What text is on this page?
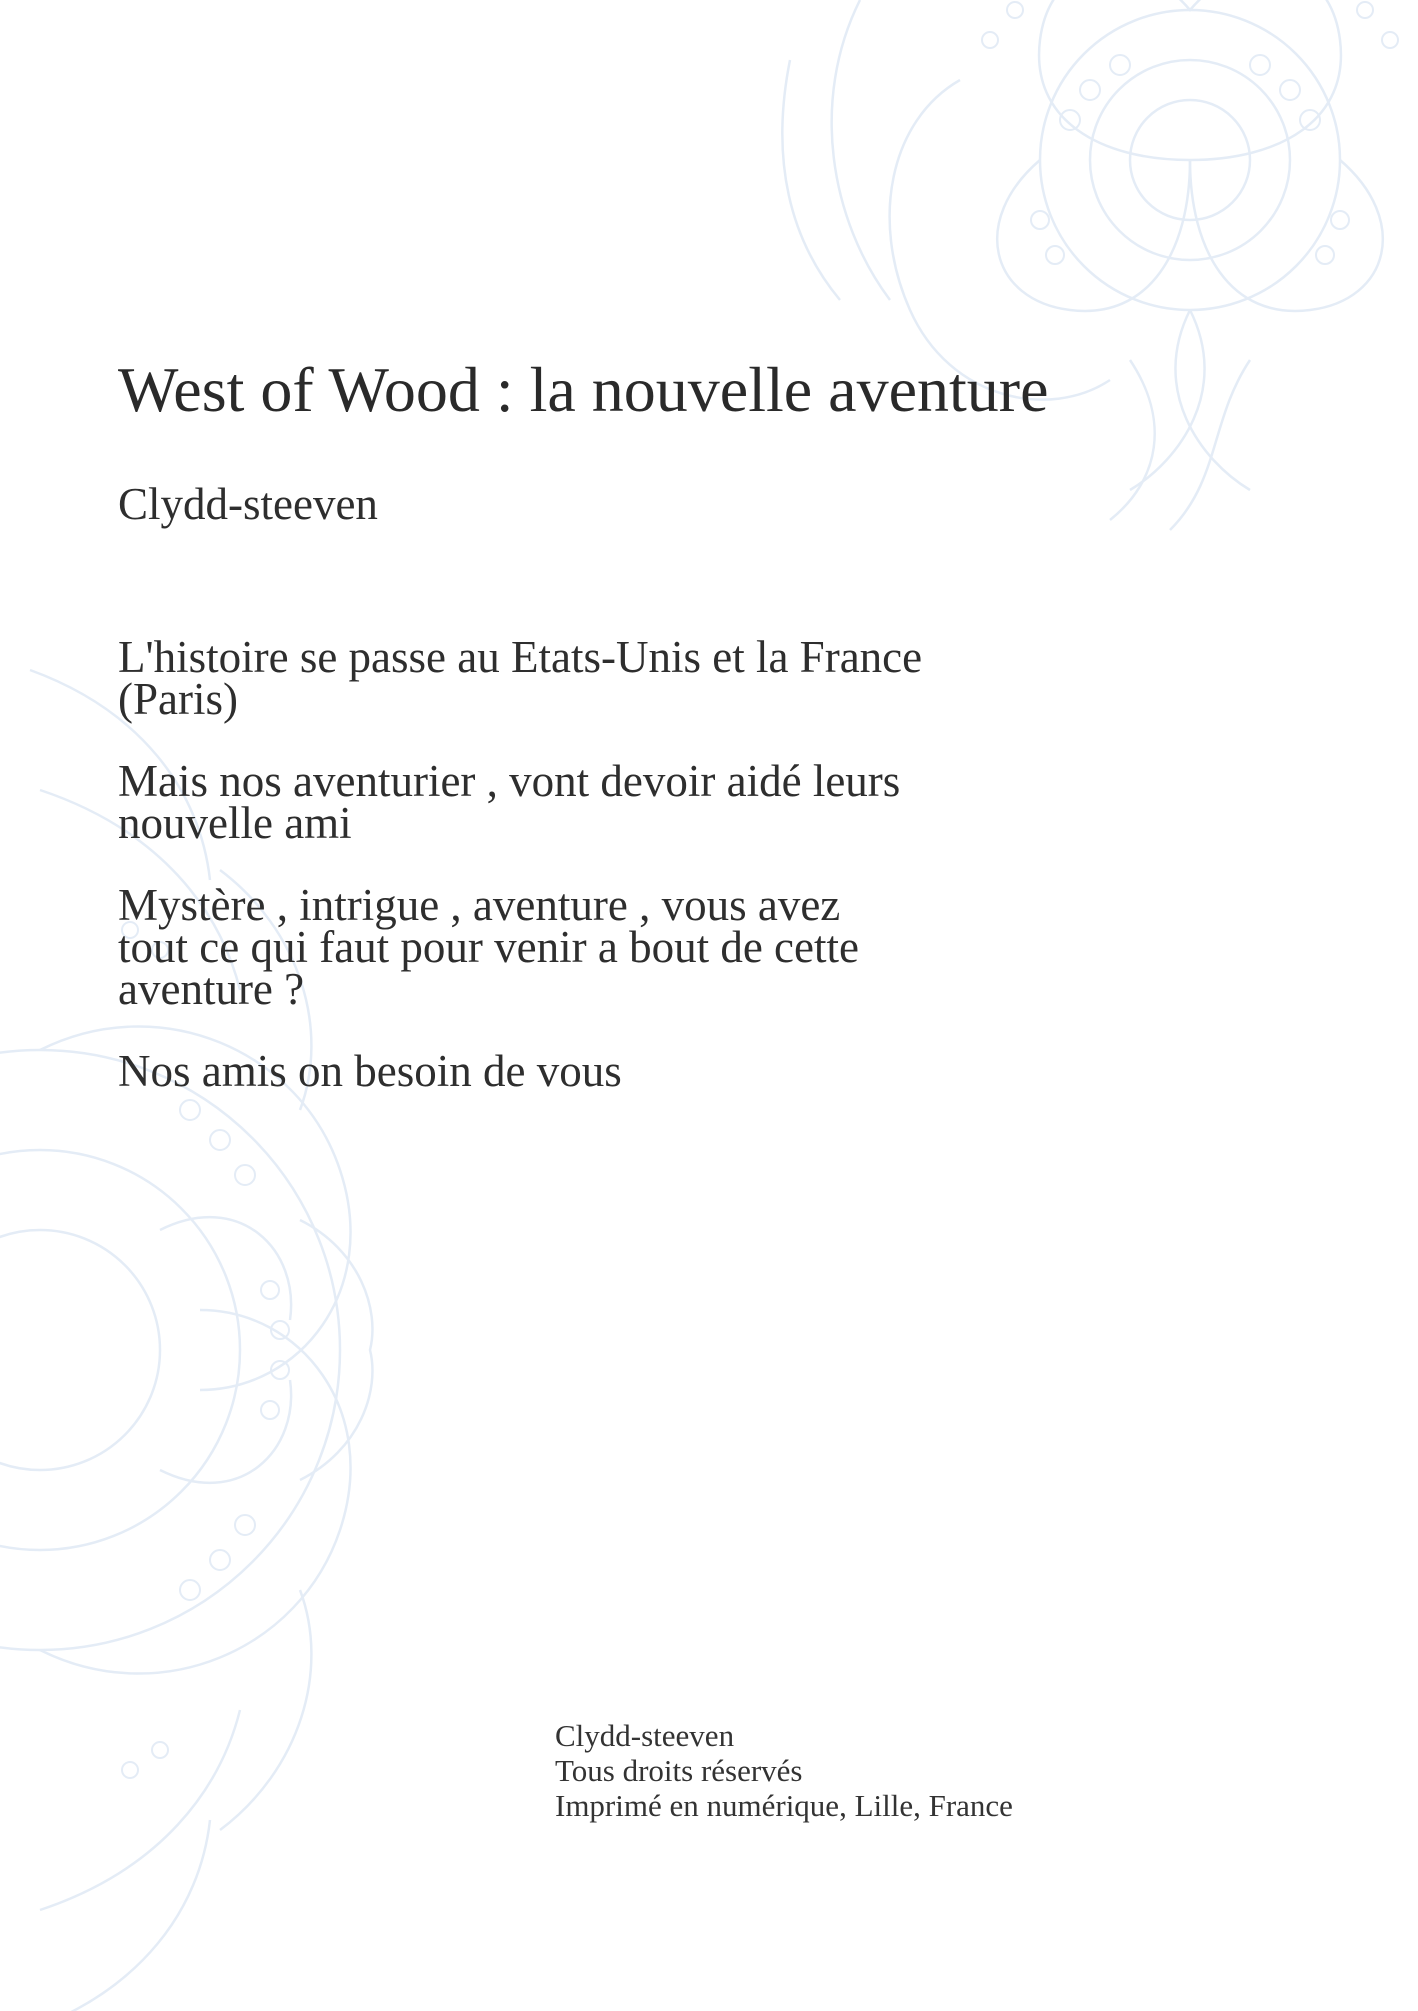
West of Wood : la nouvelle aventure
Clydd-steeven

L'histoire se passe au Etats-Unis et la France
(Paris)

Mais nos aventurier , vont devoir aidé leurs
nouvelle ami

Mystère , intrigue , aventure , vous avez
tout ce qui faut pour venir a bout de cette
aventure ?

Nos amis on besoin de vous

Clydd-steeven
Tous droits réservés
Imprimé en numérique, Lille, France
